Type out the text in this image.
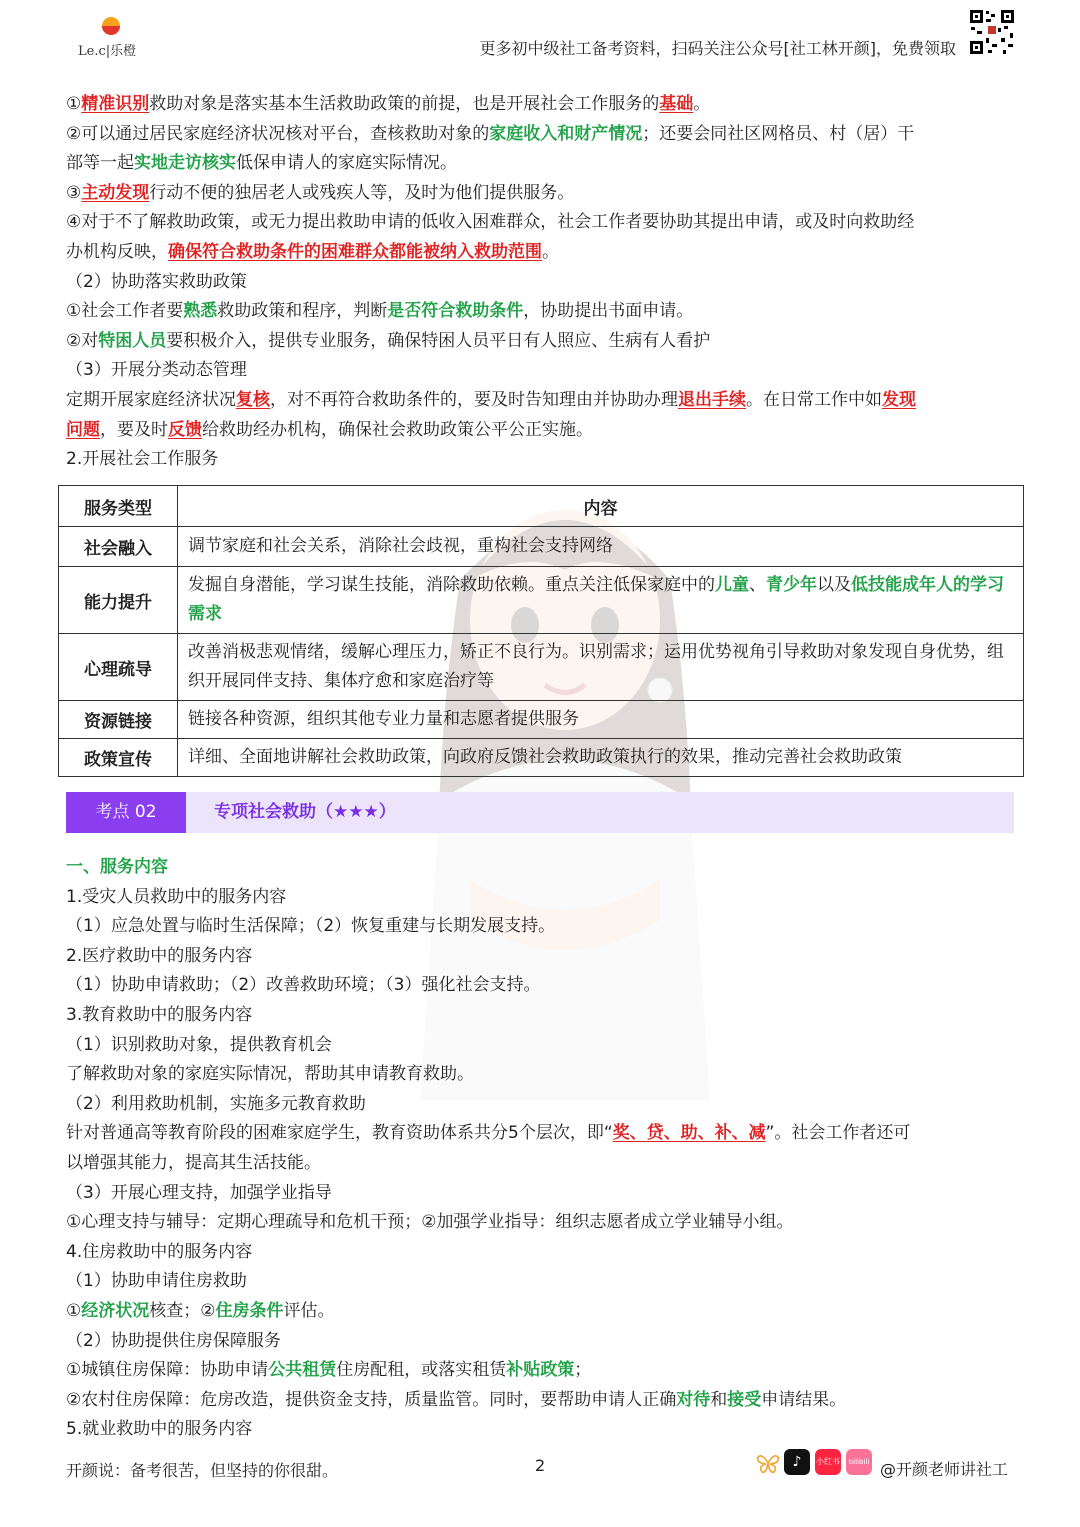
Le.c|乐橙	更多初中级社工备考资料，扫码关注公众号[社工林开颜]，免费领取

①精准识别救助对象是落实基本生活救助政策的前提，也是开展社会工作服务的基础。

②可以通过居民家庭经济状况核对平台，查核救助对象的家庭收入和财产情况；还要会同社区网格员、村（居）干

部等一起实地走访核实低保申请人的家庭实际情况。

③主动发现行动不便的独居老人或残疾人等，及时为他们提供服务。

④对于不了解救助政策，或无力提出救助申请的低收入困难群众，社会工作者要协助其提出申请，或及时向救助经

办机构反映，确保符合救助条件的困难群众都能被纳入救助范围。

（2）协助落实救助政策

①社会工作者要熟悉救助政策和程序，判断是否符合救助条件，协助提出书面申请。

②对特困人员要积极介入，提供专业服务，确保特困人员平日有人照应、生病有人看护

（3）开展分类动态管理

定期开展家庭经济状况复核，对不再符合救助条件的，要及时告知理由并协助办理退出手续。在日常工作中如发现

问题，要及时反馈给救助经办机构，确保社会救助政策公平公正实施。

2.开展社会工作服务

服务类型	内容
社会融入	调节家庭和社会关系，消除社会歧视，重构社会支持网络
能力提升	发掘自身潜能，学习谋生技能，消除救助依赖。重点关注低保家庭中的儿童、青少年以及低技能成年人的学习需求
心理疏导	改善消极悲观情绪，缓解心理压力，矫正不良行为。识别需求；运用优势视角引导救助对象发现自身优势，组织开展同伴支持、集体疗愈和家庭治疗等
资源链接	链接各种资源，组织其他专业力量和志愿者提供服务
政策宣传	详细、全面地讲解社会救助政策，向政府反馈社会救助政策执行的效果，推动完善社会救助政策
考点 02	专项社会救助（★★★）

一、服务内容

1.受灾人员救助中的服务内容

（1）应急处置与临时生活保障；（2）恢复重建与长期发展支持。

2.医疗救助中的服务内容

（1）协助申请救助；（2）改善救助环境；（3）强化社会支持。

3.教育救助中的服务内容

（1）识别救助对象，提供教育机会

了解救助对象的家庭实际情况，帮助其申请教育救助。

（2）利用救助机制，实施多元教育救助

针对普通高等教育阶段的困难家庭学生，教育资助体系共分5个层次，即“奖、贷、助、补、减”。社会工作者还可

以增强其能力，提高其生活技能。

（3）开展心理支持，加强学业指导

①心理支持与辅导：定期心理疏导和危机干预；②加强学业指导：组织志愿者成立学业辅导小组。

4.住房救助中的服务内容

（1）协助申请住房救助

①经济状况核查；②住房条件评估。

（2）协助提供住房保障服务

①城镇住房保障：协助申请公共租赁住房配租，或落实租赁补贴政策；

②农村住房保障：危房改造，提供资金支持，质量监管。同时，要帮助申请人正确对待和接受申请结果。

5.就业救助中的服务内容

开颜说：备考很苦，但坚持的你很甜。	2	♪	小红书	bilibili @开颜老师讲社工
